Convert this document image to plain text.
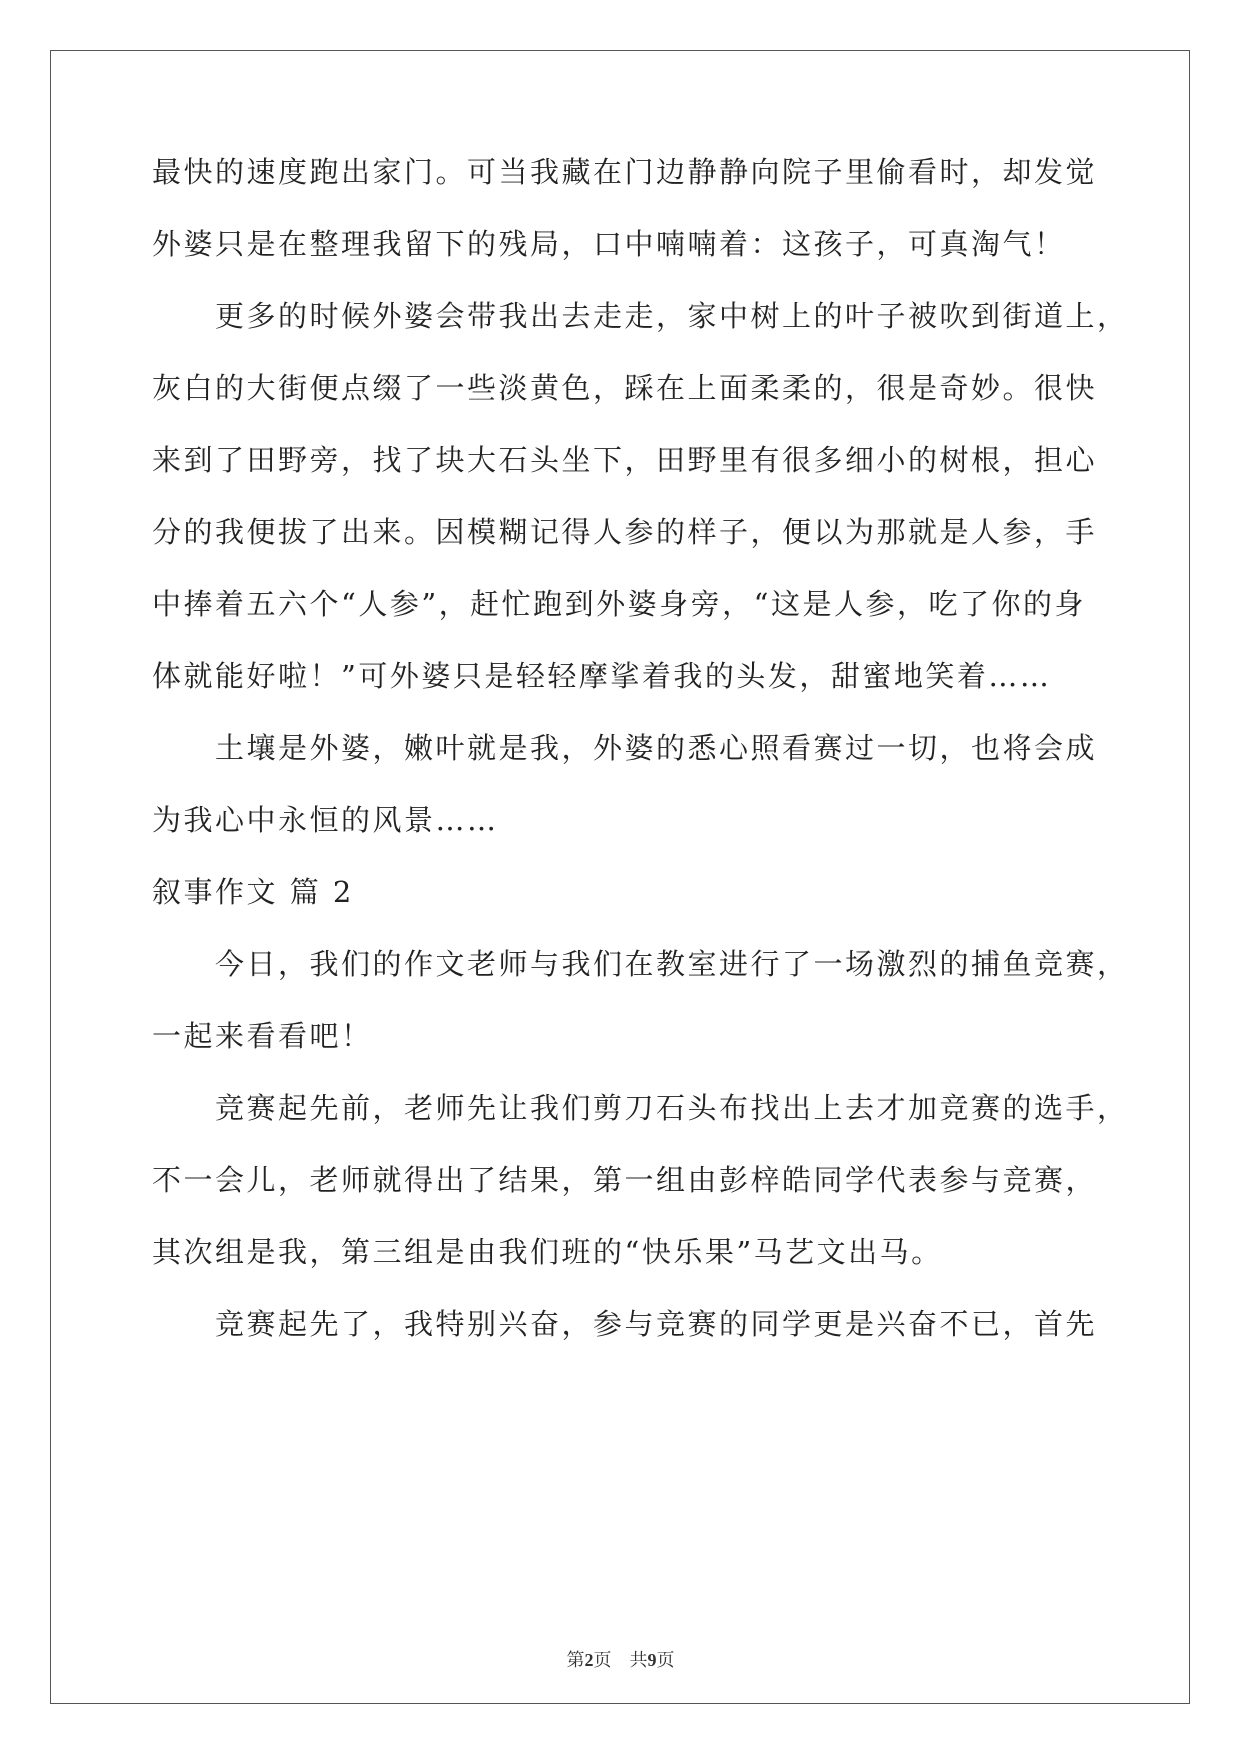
最快的速度跑出家门。可当我藏在门边静静向院子里偷看时，却发觉
外婆只是在整理我留下的残局，口中喃喃着：这孩子，可真淘气！
更多的时候外婆会带我出去走走，家中树上的叶子被吹到街道上，
灰白的大街便点缀了一些淡黄色，踩在上面柔柔的，很是奇妙。很快
来到了田野旁，找了块大石头坐下，田野里有很多细小的树根，担心
分的我便拔了出来。因模糊记得人参的样子，便以为那就是人参，手
中捧着五六个“人参”，赶忙跑到外婆身旁，“这是人参，吃了你的身
体就能好啦！”可外婆只是轻轻摩挲着我的头发，甜蜜地笑着……
土壤是外婆，嫩叶就是我，外婆的悉心照看赛过一切，也将会成
为我心中永恒的风景……
叙事作文 篇 2
今日，我们的作文老师与我们在教室进行了一场激烈的捕鱼竞赛，
一起来看看吧！
竞赛起先前，老师先让我们剪刀石头布找出上去才加竞赛的选手，
不一会儿，老师就得出了结果，第一组由彭梓皓同学代表参与竞赛，
其次组是我，第三组是由我们班的“快乐果”马艺文出马。
竞赛起先了，我特别兴奋，参与竞赛的同学更是兴奋不已，首先
第2页　共9页
